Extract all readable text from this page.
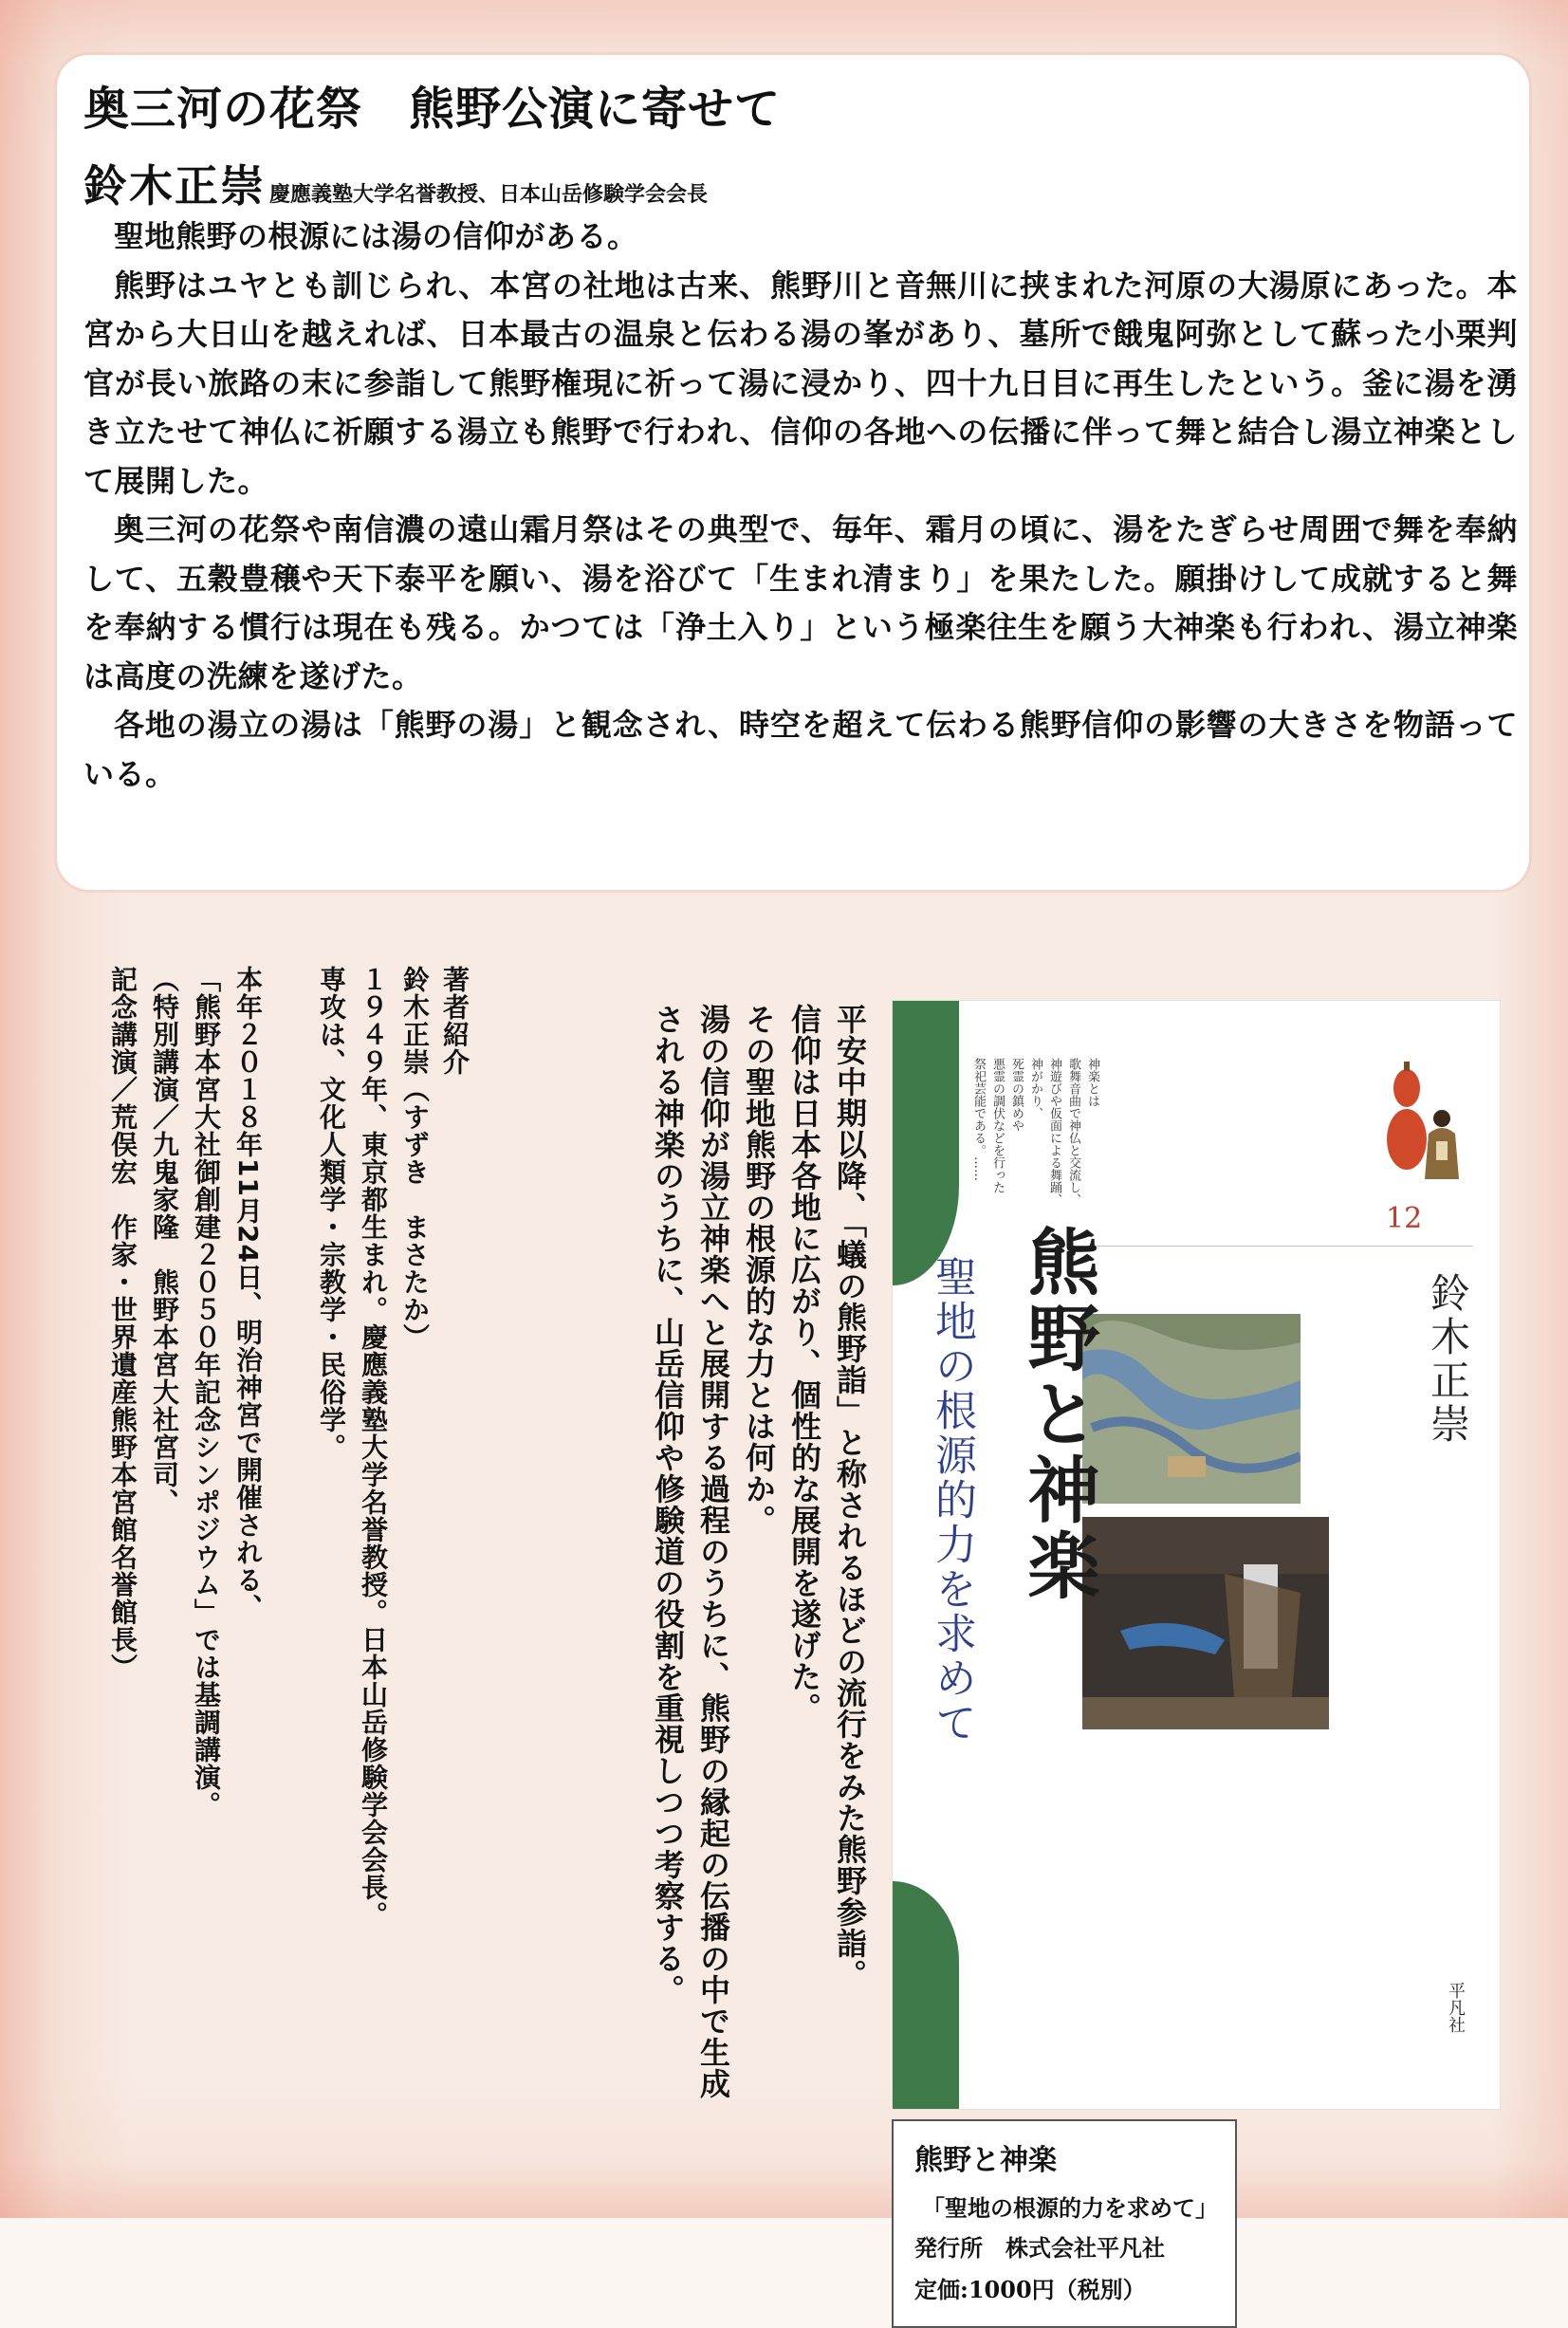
奥三河の花祭　熊野公演に寄せて
鈴木正崇 慶應義塾大学名誉教授、日本山岳修験学会会長

聖地熊野の根源には湯の信仰がある。

熊野はユヤとも訓じられ、本宮の社地は古来、熊野川と音無川に挟まれた河原の大湯原にあった。本宮から大日山を越えれば、日本最古の温泉と伝わる湯の峯があり、墓所で餓鬼阿弥として蘇った小栗判官が長い旅路の末に参詣して熊野権現に祈って湯に浸かり、四十九日目に再生したという。釜に湯を湧き立たせて神仏に祈願する湯立も熊野で行われ、信仰の各地への伝播に伴って舞と結合し湯立神楽として展開した。

奥三河の花祭や南信濃の遠山霜月祭はその典型で、毎年、霜月の頃に、湯をたぎらせ周囲で舞を奉納して、五穀豊穣や天下泰平を願い、湯を浴びて「生まれ清まり」を果たした。願掛けして成就すると舞を奉納する慣行は現在も残る。かつては「浄土入り」という極楽往生を願う大神楽も行われ、湯立神楽は高度の洗練を遂げた。

各地の湯立の湯は「熊野の湯」と観念され、時空を超えて伝わる熊野信仰の影響の大きさを物語っている。

著者紹介
鈴木正崇（すずき　まさたか）
１９４９年、東京都生まれ。慶應義塾大学名誉教授。日本山岳修験学会会長。
専攻は、文化人類学・宗教学・民俗学。
本年２０１８年11月24日、明治神宮で開催される、
「熊野本宮大社御創建２０５０年記念シンポジウム」では基調講演。
（特別講演／九鬼家隆　熊野本宮大社宮司、
記念講演／荒俣宏　作家・世界遺産熊野本宮館名誉館長）	平安中期以降、「蟻の熊野詣」と称されるほどの流行をみた熊野参詣。

信仰は日本各地に広がり、個性的な展開を遂げた。

その聖地熊野の根源的な力とは何か。

湯の信仰が湯立神楽へと展開する過程のうちに、熊野の縁起の伝播の中で生成される神楽のうちに、山岳信仰や修験道の役割を重視しつつ考察する。	神楽とは
歌舞音曲で神仏と交流し、
神遊びや仮面による舞踊、
神がかり、
死霊の鎮めや
悪霊の調伏などを行った
祭祀芸能である。……
12
鈴木正崇
熊野と神楽
聖地の根源的力を求めて
平凡社
熊野と神楽
「聖地の根源的力を求めて」
発行所　株式会社平凡社
定価:1000円（税別）
